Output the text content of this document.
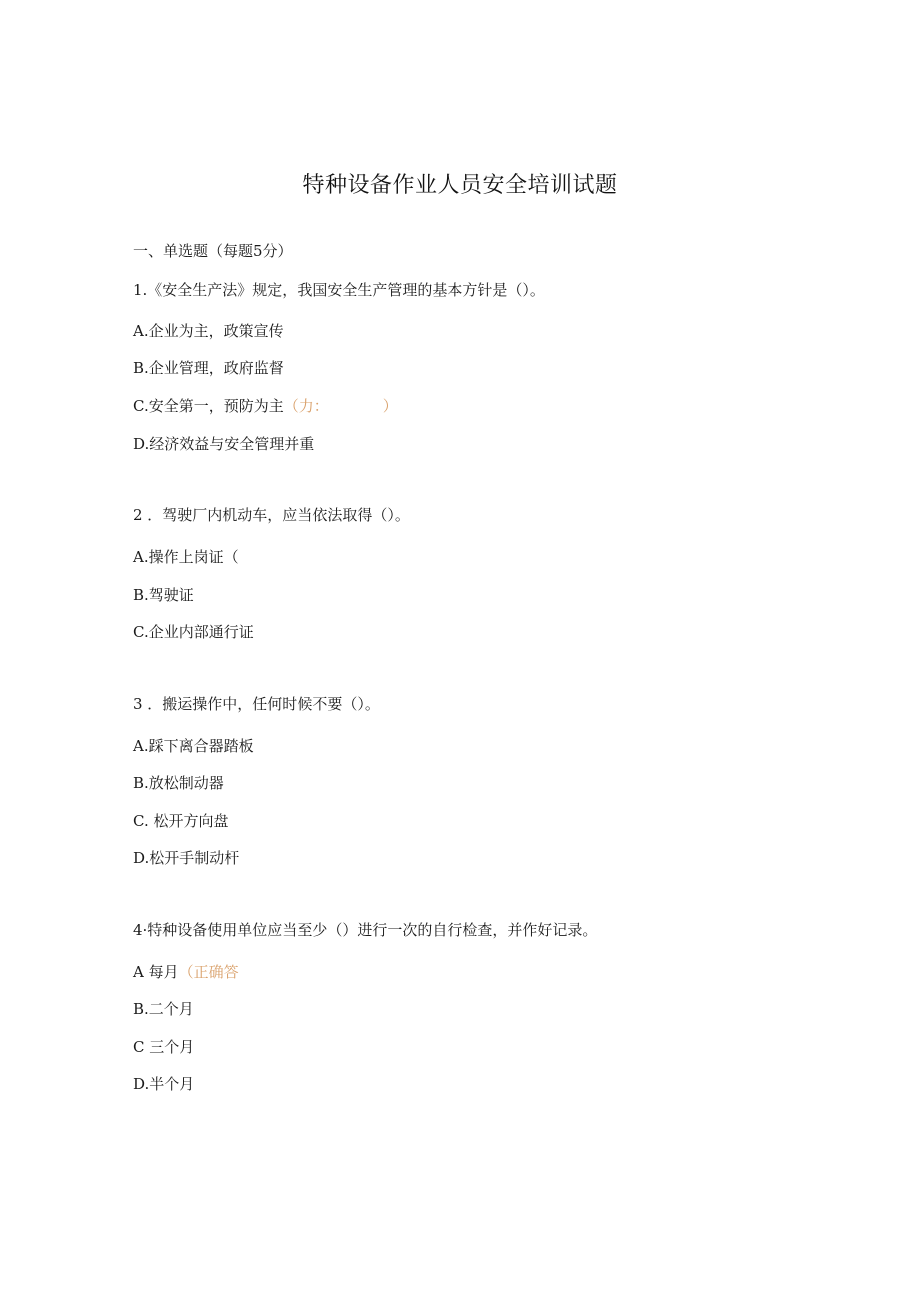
特种设备作业人员安全培训试题
一、单选题（每题5分）
1.《安全生产法》规定，我国安全生产管理的基本方针是（）。
A.企业为主，政策宣传
B.企业管理，政府监督
C.安全第一，预防为主（力：	）
D.经济效益与安全管理并重
2 ．驾驶厂内机动车，应当依法取得（）。
A.操作上岗证（
B.驾驶证
C.企业内部通行证
3 ．搬运操作中，任何时候不要（）。
A.踩下离合器踏板
B.放松制动器
C. 松开方向盘
D.松开手制动杆
4·特种设备使用单位应当至少（）进行一次的自行检查，并作好记录。
A 每月（正确答
B.二个月
C 三个月
D.半个月
